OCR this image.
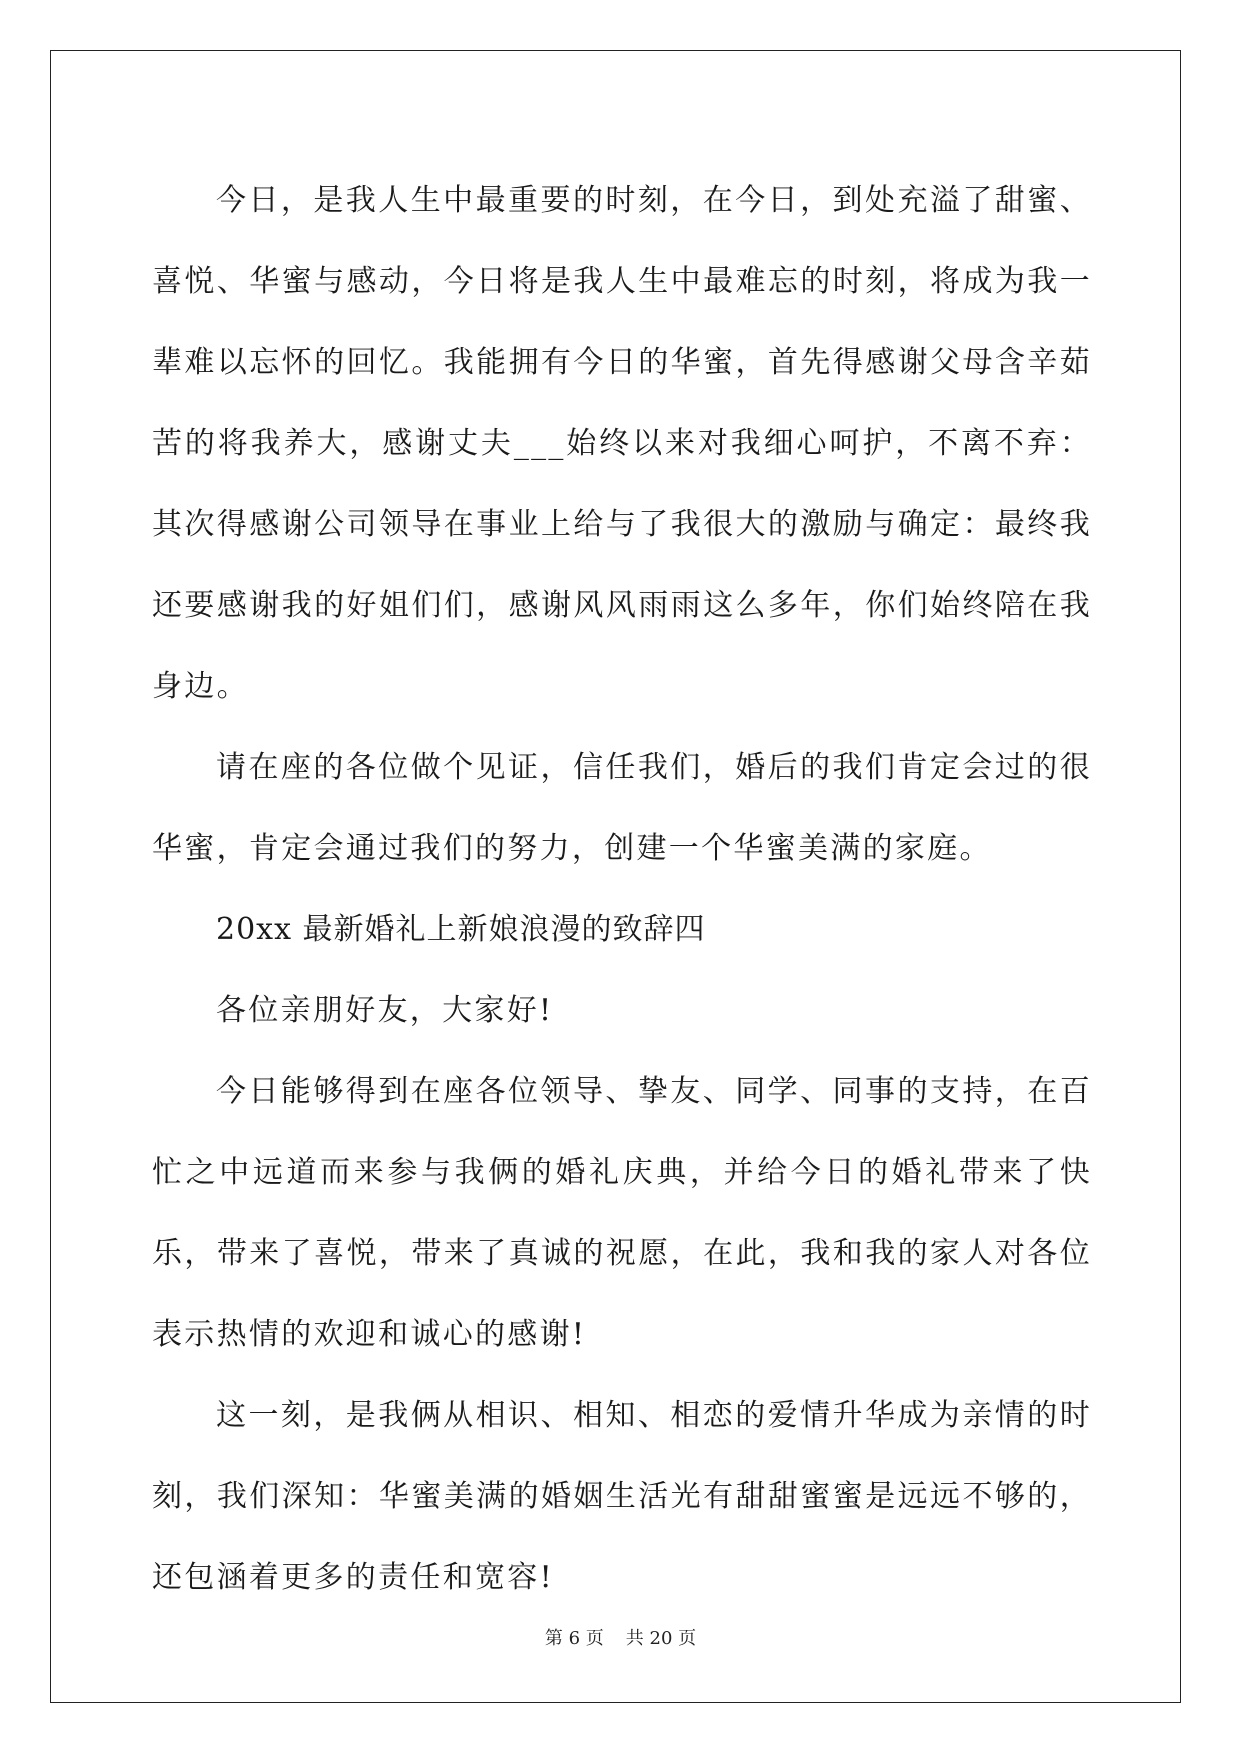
今日，是我人生中最重要的时刻，在今日，到处充溢了甜蜜、喜悦、华蜜与感动，今日将是我人生中最难忘的时刻，将成为我一辈难以忘怀的回忆。我能拥有今日的华蜜，首先得感谢父母含辛茹苦的将我养大，感谢丈夫___始终以来对我细心呵护，不离不弃：其次得感谢公司领导在事业上给与了我很大的激励与确定：最终我还要感谢我的好姐们们，感谢风风雨雨这么多年，你们始终陪在我身边。

请在座的各位做个见证，信任我们，婚后的我们肯定会过的很华蜜，肯定会通过我们的努力，创建一个华蜜美满的家庭。

20xx 最新婚礼上新娘浪漫的致辞四

各位亲朋好友，大家好!

今日能够得到在座各位领导、挚友、同学、同事的支持，在百忙之中远道而来参与我俩的婚礼庆典，并给今日的婚礼带来了快乐，带来了喜悦，带来了真诚的祝愿，在此，我和我的家人对各位表示热情的欢迎和诚心的感谢!

这一刻，是我俩从相识、相知、相恋的爱情升华成为亲情的时刻，我们深知：华蜜美满的婚姻生活光有甜甜蜜蜜是远远不够的，还包涵着更多的责任和宽容!

第 6 页 共 20 页
